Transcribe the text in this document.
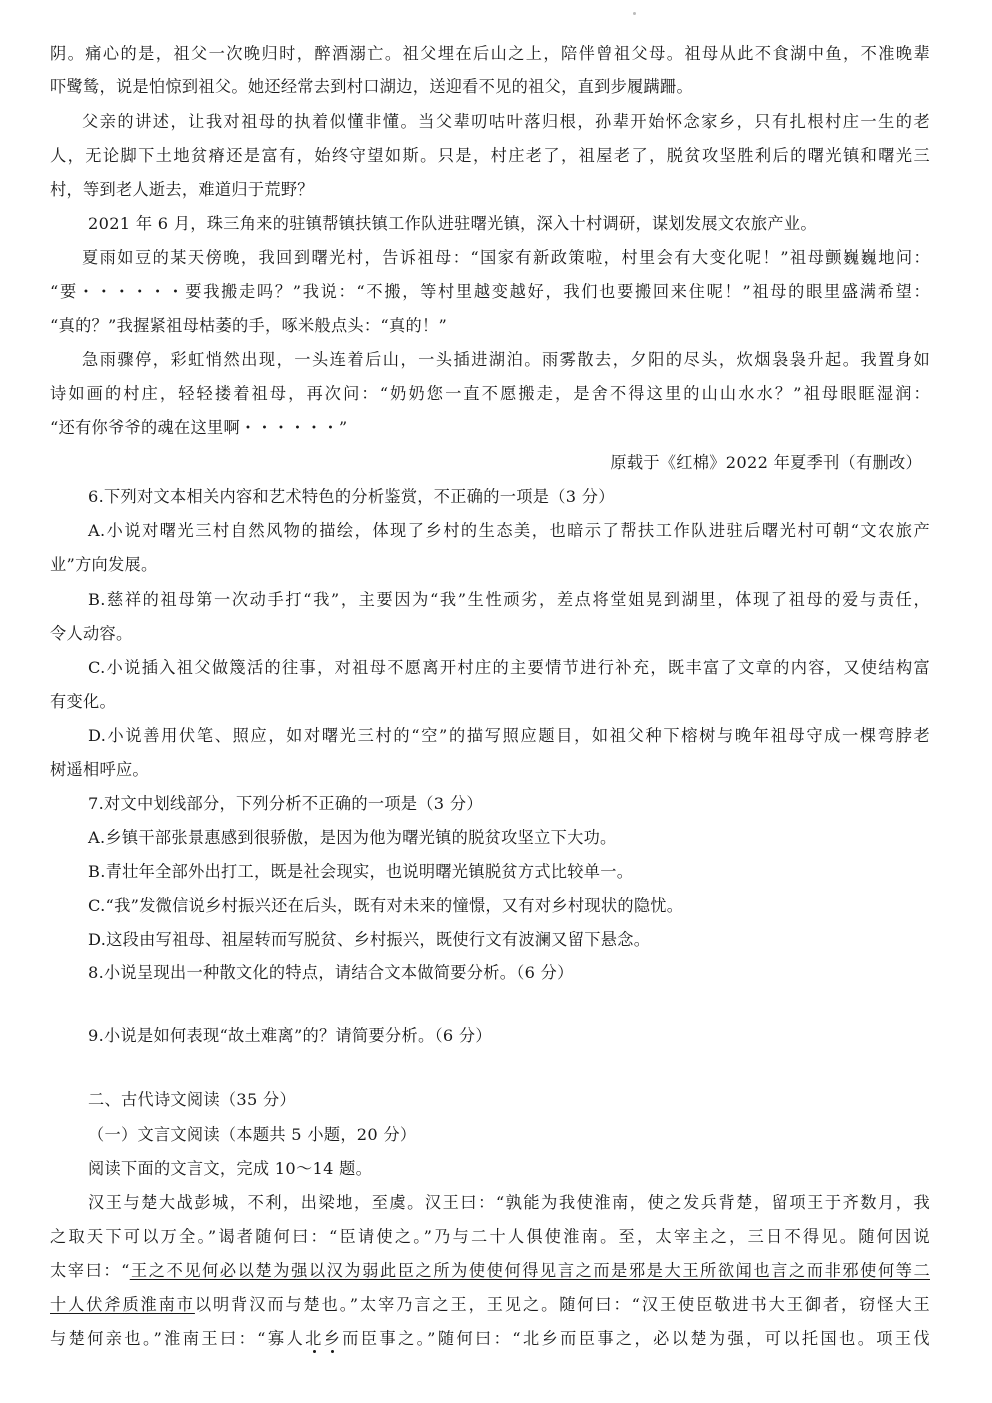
阴。痛心的是，祖父一次晚归时，醉酒溺亡。祖父埋在后山之上，陪伴曾祖父母。祖母从此不食湖中鱼，不准晚辈
吓鹭鸶，说是怕惊到祖父。她还经常去到村口湖边，送迎看不见的祖父，直到步履蹒跚。
父亲的讲述，让我对祖母的执着似懂非懂。当父辈叨咕叶落归根，孙辈开始怀念家乡，只有扎根村庄一生的老
人，无论脚下土地贫瘠还是富有，始终守望如斯。只是，村庄老了，祖屋老了，脱贫攻坚胜利后的曙光镇和曙光三
村，等到老人逝去，难道归于荒野？
2021 年 6 月，珠三角来的驻镇帮镇扶镇工作队进驻曙光镇，深入十村调研，谋划发展文农旅产业。
夏雨如豆的某天傍晚，我回到曙光村，告诉祖母：“国家有新政策啦，村里会有大变化呢！”祖母颤巍巍地问：
“要・・・・・・要我搬走吗？”我说：“不搬，等村里越变越好，我们也要搬回来住呢！”祖母的眼里盛满希望：
“真的？”我握紧祖母枯萎的手，啄米般点头：“真的！”
急雨骤停，彩虹悄然出现，一头连着后山，一头插进湖泊。雨雾散去，夕阳的尽头，炊烟袅袅升起。我置身如
诗如画的村庄，轻轻搂着祖母，再次问：“奶奶您一直不愿搬走，是舍不得这里的山山水水？”祖母眼眶湿润：
“还有你爷爷的魂在这里啊・・・・・・”
原载于《红棉》2022 年夏季刊（有删改）
6.下列对文本相关内容和艺术特色的分析鉴赏，不正确的一项是（3 分）
A.小说对曙光三村自然风物的描绘，体现了乡村的生态美，也暗示了帮扶工作队进驻后曙光村可朝“文农旅产
业”方向发展。
B.慈祥的祖母第一次动手打“我”，主要因为“我”生性顽劣，差点将堂姐晃到湖里，体现了祖母的爱与责任，
令人动容。
C.小说插入祖父做篾活的往事，对祖母不愿离开村庄的主要情节进行补充，既丰富了文章的内容，又使结构富
有变化。
D.小说善用伏笔、照应，如对曙光三村的“空”的描写照应题目，如祖父种下榕树与晚年祖母守成一棵弯脖老
树遥相呼应。
7.对文中划线部分，下列分析不正确的一项是（3 分）
A.乡镇干部张景惠感到很骄傲，是因为他为曙光镇的脱贫攻坚立下大功。
B.青壮年全部外出打工，既是社会现实，也说明曙光镇脱贫方式比较单一。
C.“我”发微信说乡村振兴还在后头，既有对未来的憧憬，又有对乡村现状的隐忧。
D.这段由写祖母、祖屋转而写脱贫、乡村振兴，既使行文有波澜又留下悬念。
8.小说呈现出一种散文化的特点，请结合文本做简要分析。（6 分）
9.小说是如何表现“故土难离”的？请简要分析。（6 分）
二、古代诗文阅读（35 分）
（一）文言文阅读（本题共 5 小题，20 分）
阅读下面的文言文，完成 10～14 题。
汉王与楚大战彭城，不利，出梁地，至虞。汉王曰：“孰能为我使淮南，使之发兵背楚，留项王于齐数月，我
之取天下可以万全。”谒者随何曰：“臣请使之。”乃与二十人俱使淮南。至，太宰主之，三日不得见。随何因说
太宰曰：“王之不见何必以楚为强以汉为弱此臣之所为使使何得见言之而是邪是大王所欲闻也言之而非邪使何等二
十人伏斧质淮南市以明背汉而与楚也。”太宰乃言之王，王见之。随何曰：“汉王使臣敬进书大王御者，窃怪大王
与楚何亲也。”淮南王曰：“寡人北乡而臣事之。”随何曰：“北乡而臣事之，必以楚为强，可以托国也。项王伐
